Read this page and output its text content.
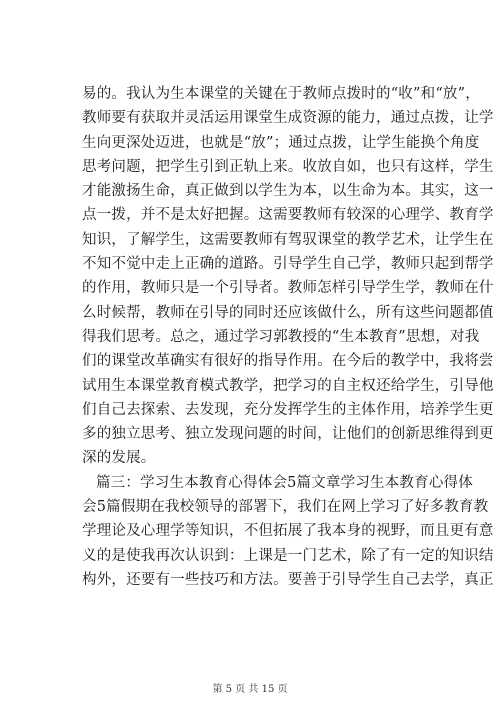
易的。我认为生本课堂的关键在于教师点拨时的“收”和“放”，
教师要有获取并灵活运用课堂生成资源的能力，通过点拨，让学
生向更深处迈进，也就是“放”；通过点拨，让学生能换个角度
思考问题，把学生引到正轨上来。收放自如，也只有这样，学生
才能激扬生命，真正做到以学生为本，以生命为本。其实，这一
点一拨，并不是太好把握。这需要教师有较深的心理学、教育学
知识，了解学生，这需要教师有驾驭课堂的教学艺术，让学生在
不知不觉中走上正确的道路。引导学生自己学，教师只起到帮学
的作用，教师只是一个引导者。教师怎样引导学生学，教师在什
么时候帮，教师在引导的同时还应该做什么，所有这些问题都值
得我们思考。总之，通过学习郭教授的“生本教育”思想，对我
们的课堂改革确实有很好的指导作用。在今后的教学中，我将尝
试用生本课堂教育模式教学，把学习的自主权还给学生，引导他
们自己去探索、去发现，充分发挥学生的主体作用，培养学生更
多的独立思考、独立发现问题的时间，让他们的创新思维得到更
深的发展。
篇三：学习生本教育心得体会5篇文章学习生本教育心得体
会5篇假期在我校领导的部署下，我们在网上学习了好多教育教
学理论及心理学等知识，不但拓展了我本身的视野，而且更有意
义的是使我再次认识到：上课是一门艺术，除了有一定的知识结
构外，还要有一些技巧和方法。要善于引导学生自己去学，真正
第 5 页 共 15 页
